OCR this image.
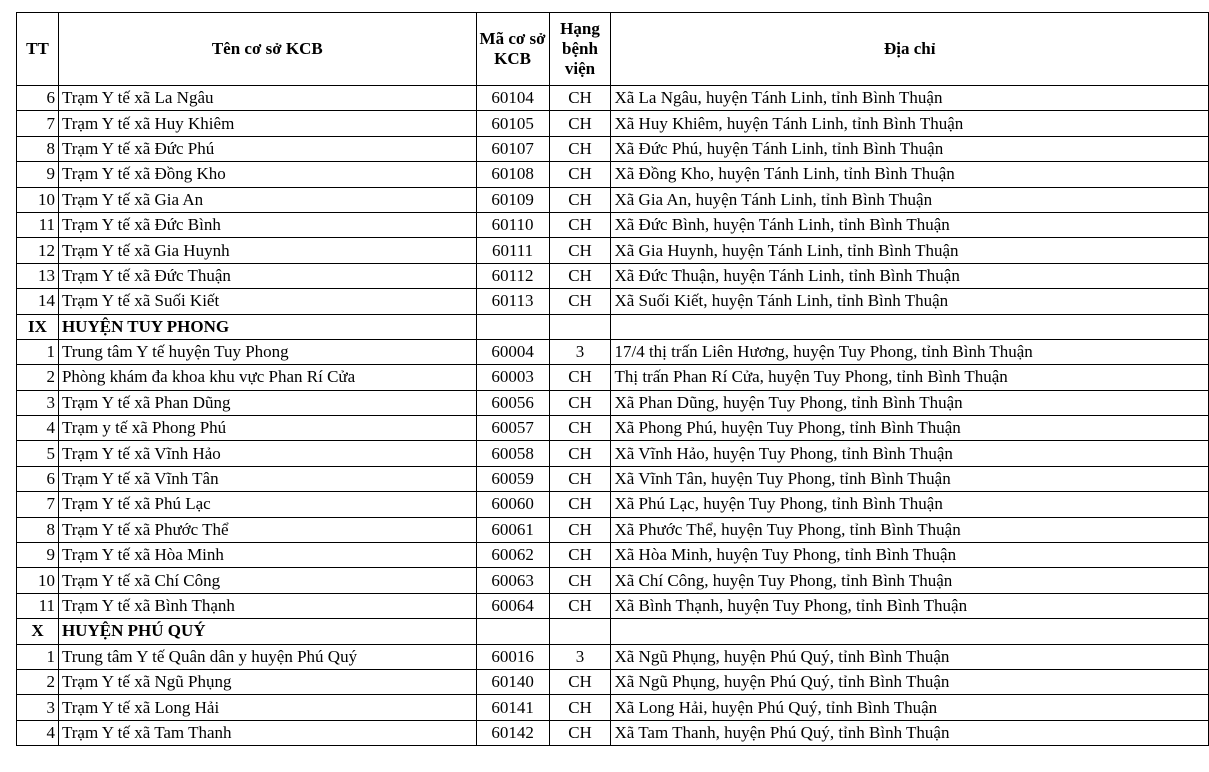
TT	Tên cơ sở KCB	Mã cơ sở KCB	Hạng bệnh viện	Địa chỉ
6	Trạm Y tế xã La Ngâu	60104	CH	Xã La Ngâu, huyện Tánh Linh, tỉnh Bình Thuận
7	Trạm Y tế xã Huy Khiêm	60105	CH	Xã Huy Khiêm, huyện Tánh Linh, tỉnh Bình Thuận
8	Trạm Y tế xã Đức Phú	60107	CH	Xã Đức Phú, huyện Tánh Linh, tỉnh Bình Thuận
9	Trạm Y tế xã Đồng Kho	60108	CH	Xã Đồng Kho, huyện Tánh Linh, tỉnh Bình Thuận
10	Trạm Y tế xã Gia An	60109	CH	Xã Gia An, huyện Tánh Linh, tỉnh Bình Thuận
11	Trạm Y tế xã Đức Bình	60110	CH	Xã Đức Bình, huyện Tánh Linh, tỉnh Bình Thuận
12	Trạm Y tế xã Gia Huynh	60111	CH	Xã Gia Huynh, huyện Tánh Linh, tỉnh Bình Thuận
13	Trạm Y tế xã Đức Thuận	60112	CH	Xã Đức Thuận, huyện Tánh Linh, tỉnh Bình Thuận
14	Trạm Y tế xã Suối Kiết	60113	CH	Xã Suối Kiết, huyện Tánh Linh, tỉnh Bình Thuận
IX	HUYỆN TUY PHONG			
1	Trung tâm Y tế huyện Tuy Phong	60004	3	17/4 thị trấn Liên Hương, huyện Tuy Phong, tỉnh Bình Thuận
2	Phòng khám đa khoa khu vực Phan Rí Cửa	60003	CH	Thị trấn Phan Rí Cửa, huyện Tuy Phong, tỉnh Bình Thuận
3	Trạm Y tế xã Phan Dũng	60056	CH	Xã Phan Dũng, huyện Tuy Phong, tỉnh Bình Thuận
4	Trạm y tế xã Phong Phú	60057	CH	Xã Phong Phú, huyện Tuy Phong, tỉnh Bình Thuận
5	Trạm Y tế xã Vĩnh Hảo	60058	CH	Xã Vĩnh Hảo, huyện Tuy Phong, tỉnh Bình Thuận
6	Trạm Y tế xã Vĩnh Tân	60059	CH	Xã Vĩnh Tân, huyện Tuy Phong, tỉnh Bình Thuận
7	Trạm Y tế xã Phú Lạc	60060	CH	Xã Phú Lạc, huyện Tuy Phong, tỉnh Bình Thuận
8	Trạm Y tế xã Phước Thể	60061	CH	Xã Phước Thể, huyện Tuy Phong, tỉnh Bình Thuận
9	Trạm Y tế xã Hòa Minh	60062	CH	Xã Hòa Minh, huyện Tuy Phong, tỉnh Bình Thuận
10	Trạm Y tế xã Chí Công	60063	CH	Xã Chí Công, huyện Tuy Phong, tỉnh Bình Thuận
11	Trạm Y tế xã Bình Thạnh	60064	CH	Xã Bình Thạnh, huyện Tuy Phong, tỉnh Bình Thuận
X	HUYỆN PHÚ QUÝ			
1	Trung tâm Y tế Quân dân y huyện Phú Quý	60016	3	Xã Ngũ Phụng, huyện Phú Quý, tỉnh Bình Thuận
2	Trạm Y tế xã Ngũ Phụng	60140	CH	Xã Ngũ Phụng, huyện Phú Quý, tỉnh Bình Thuận
3	Trạm Y tế xã Long Hải	60141	CH	Xã Long Hải, huyện Phú Quý, tỉnh Bình Thuận
4	Trạm Y tế xã Tam Thanh	60142	CH	Xã Tam Thanh, huyện Phú Quý, tỉnh Bình Thuận
